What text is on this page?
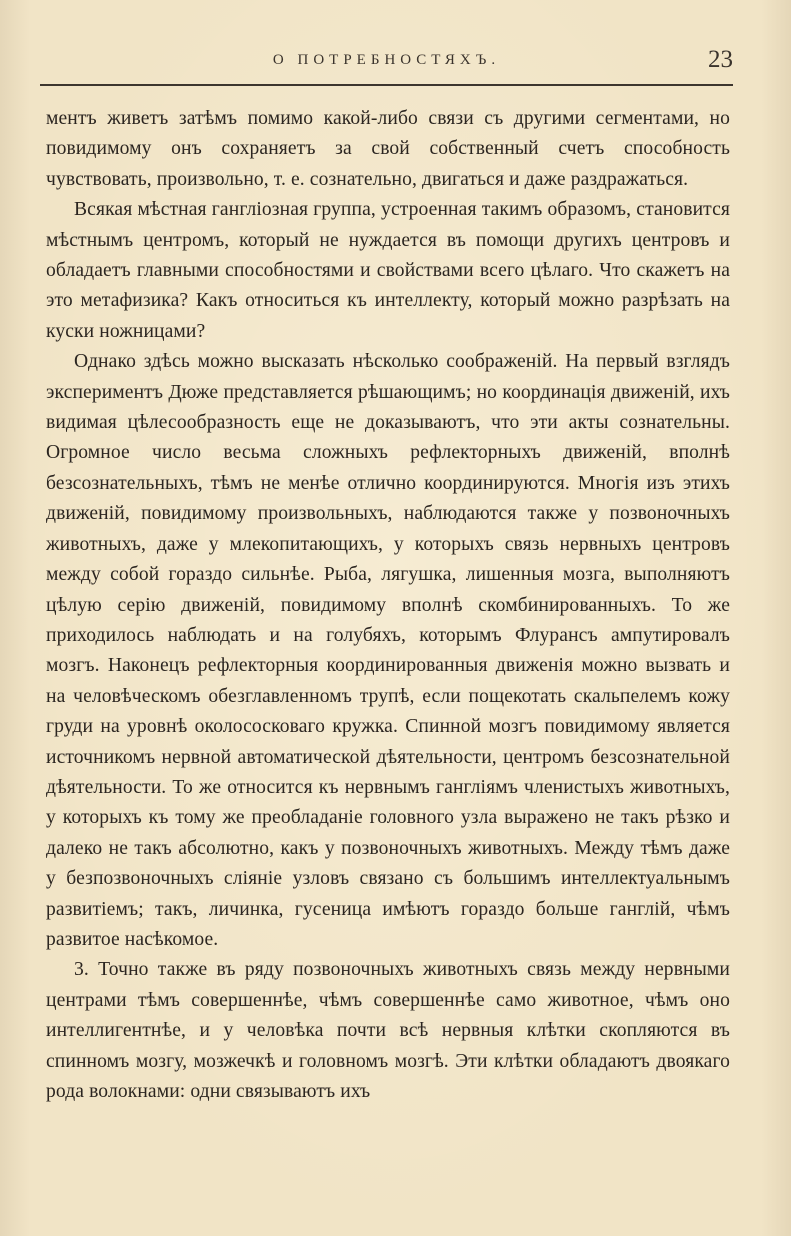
О ПОТРЕБНОСТЯХЪ.	23

ментъ живетъ затѣмъ помимо какой-либо связи съ другими сегментами, но повидимому онъ сохраняетъ за свой собственный счетъ способность чувствовать, произвольно, т. е. сознательно, двигаться и даже раздражаться.

Всякая мѣстная ганглiозная группа, устроенная такимъ образомъ, становится мѣстнымъ центромъ, который не нуждается въ помощи другихъ центровъ и обладаетъ главными способностями и свойствами всего цѣлаго. Что скажетъ на это метафизика? Какъ относиться къ интеллекту, который можно разрѣзать на куски ножницами?

Однако здѣсь можно высказать нѣсколько соображенiй. На первый взглядъ экспериментъ Дюже представляется рѣшающимъ; но координацiя движенiй, ихъ видимая цѣлесообразность еще не доказываютъ, что эти акты сознательны. Огромное число весьма сложныхъ рефлекторныхъ движенiй, вполнѣ безсознательныхъ, тѣмъ не менѣе отлично координируются. Многiя изъ этихъ движенiй, повидимому произвольныхъ, наблюдаются также у позвоночныхъ животныхъ, даже у млекопитающихъ, у которыхъ связь нервныхъ центровъ между собой гораздо сильнѣе. Рыба, лягушка, лишенныя мозга, выполняютъ цѣлую серiю движенiй, повидимому вполнѣ скомбинированныхъ. То же приходилось наблюдать и на голубяхъ, которымъ Флурансъ ампутировалъ мозгъ. Наконецъ рефлекторныя координированныя движенiя можно вызвать и на человѣческомъ обезглавленномъ трупѣ, если пощекотать скальпелемъ кожу груди на уровнѣ околососковаго кружка. Спинной мозгъ повидимому является источникомъ нервной автоматической дѣятельности, центромъ безсознательной дѣятельности. То же относится къ нервнымъ ганглiямъ членистыхъ животныхъ, у которыхъ къ тому же преобладанiе головного узла выражено не такъ рѣзко и далеко не такъ абсолютно, какъ у позвоночныхъ животныхъ. Между тѣмъ даже у безпозвоночныхъ слiянiе узловъ связано съ большимъ интеллектуальнымъ развитiемъ; такъ, личинка, гусеница имѣютъ гораздо больше ганглiй, чѣмъ развитое насѣкомое.

3. Точно также въ ряду позвоночныхъ животныхъ связь между нервными центрами тѣмъ совершеннѣе, чѣмъ совершеннѣе само животное, чѣмъ оно интеллигентнѣе, и у человѣка почти всѣ нервныя клѣтки скопляются въ спинномъ мозгу, мозжечкѣ и головномъ мозгѣ. Эти клѣтки обладаютъ двоякаго рода волокнами: одни связываютъ ихъ
